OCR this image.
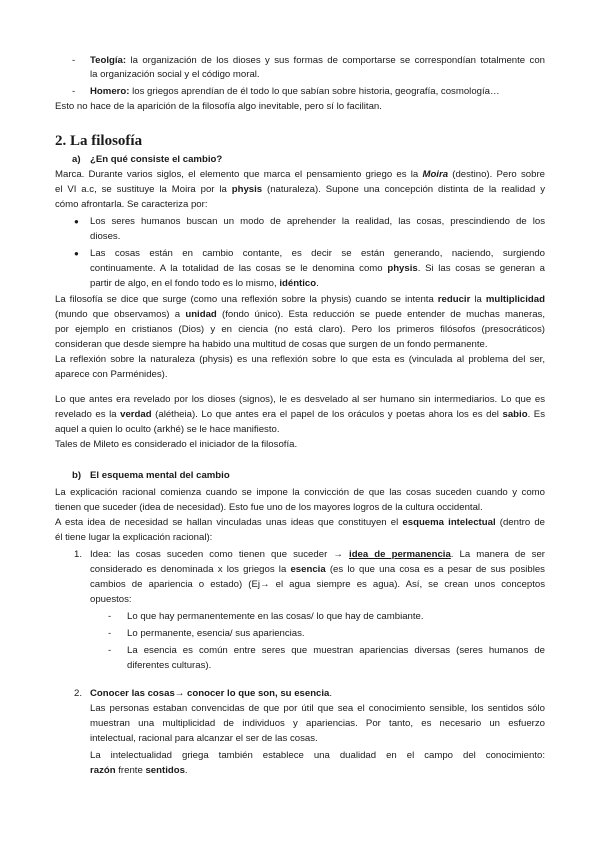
- Teolgía: la organización de los dioses y sus formas de comportarse se correspondían totalmente con
la organización social y el código moral.
- Homero: los griegos aprendían de él todo lo que sabían sobre historia, geografía, cosmología…
Esto no hace de la aparición de la filosofía algo inevitable, pero sí lo facilitan.
2. La filosofía
a) ¿En qué consiste el cambio?
Marca. Durante varios siglos, el elemento que marca el pensamiento griego es la Moira (destino). Pero sobre
el VI a.c, se sustituye la Moira por la physis (naturaleza). Supone una concepción distinta de la realidad y
cómo afrontarla. Se caracteriza por:
● Los seres humanos buscan un modo de aprehender la realidad, las cosas, prescindiendo de los
dioses.
● Las cosas están en cambio contante, es decir se están generando, naciendo, surgiendo
continuamente. A la totalidad de las cosas se le denomina como physis. Si las cosas se generan a
partir de algo, en el fondo todo es lo mismo, idéntico.
La filosofía se dice que surge (como una reflexión sobre la physis) cuando se intenta reducir la multiplicidad
(mundo que observamos) a unidad (fondo único). Esta reducción se puede entender de muchas maneras,
por ejemplo en cristianos (Dios) y en ciencia (no está claro). Pero los primeros filósofos (presocráticos)
consideran que desde siempre ha habido una multitud de cosas que surgen de un fondo permanente.
La reflexión sobre la naturaleza (physis) es una reflexión sobre lo que esta es (vinculada al problema del ser,
aparece con Parménides).
Lo que antes era revelado por los dioses (signos), le es desvelado al ser humano sin intermediarios. Lo que es
revelado es la verdad (alétheia). Lo que antes era el papel de los oráculos y poetas ahora los es del sabio. Es
aquel a quien lo oculto (arkhé) se le hace manifiesto.
Tales de Mileto es considerado el iniciador de la filosofía.
b) El esquema mental del cambio
La explicación racional comienza cuando se impone la convicción de que las cosas suceden cuando y como
tienen que suceder (idea de necesidad). Esto fue uno de los mayores logros de la cultura occidental.
A esta idea de necesidad se hallan vinculadas unas ideas que constituyen el esquema intelectual (dentro de
él tiene lugar la explicación racional):
1. Idea: las cosas suceden como tienen que suceder → idea de permanencia. La manera de ser
considerado es denominada x los griegos la esencia (es lo que una cosa es a pesar de sus posibles
cambios de apariencia o estado) (Ej→ el agua siempre es agua). Así, se crean unos conceptos
opuestos:
- Lo que hay permanentemente en las cosas/ lo que hay de cambiante.
- Lo permanente, esencia/ sus apariencias.
- La esencia es común entre seres que muestran apariencias diversas (seres humanos de
diferentes culturas).
2. Conocer las cosas→ conocer lo que son, su esencia.
Las personas estaban convencidas de que por útil que sea el conocimiento sensible, los sentidos sólo
muestran una multiplicidad de individuos y apariencias. Por tanto, es necesario un esfuerzo
intelectual, racional para alcanzar el ser de las cosas.
La intelectualidad griega también establece una dualidad en el campo del conocimiento:
razón frente sentidos.
